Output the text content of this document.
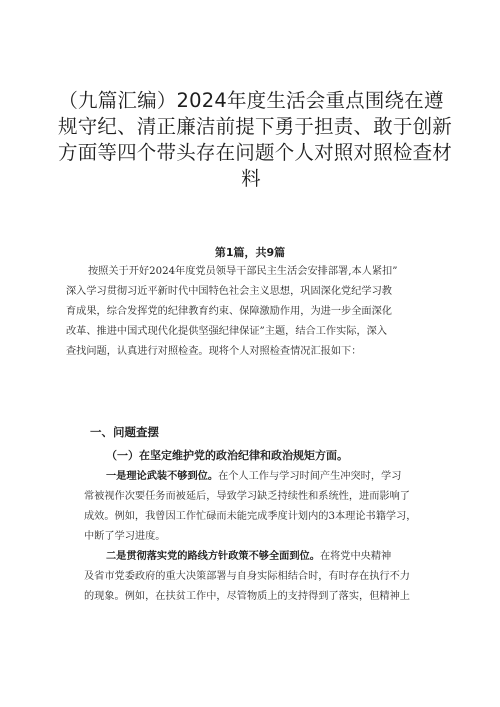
（九篇汇编）2024年度生活会重点围绕在遵
规守纪、清正廉洁前提下勇于担责、敢于创新
方面等四个带头存在问题个人对照对照检查材
料
第1篇，共9篇
按照关于开好2024年度党员领导干部民主生活会安排部署,本人紧扣”
深入学习贯彻习近平新时代中国特色社会主义思想，巩固深化党纪学习教
育成果，综合发挥党的纪律教育约束、保障激励作用，为进一步全面深化
改革、推进中国式现代化提供坚强纪律保证”主题，结合工作实际，深入
查找问题，认真进行对照检查。现将个人对照检查情况汇报如下：
一、问题查摆
（一）在坚定维护党的政治纪律和政治规矩方面。
一是理论武装不够到位。在个人工作与学习时间产生冲突时，学习
常被视作次要任务而被延后，导致学习缺乏持续性和系统性，进而影响了
成效。例如，我曾因工作忙碌而未能完成季度计划内的3本理论书籍学习，
中断了学习进度。
二是贯彻落实党的路线方针政策不够全面到位。在将党中央精神
及省市党委政府的重大决策部署与自身实际相结合时，有时存在执行不力
的现象。例如，在扶贫工作中，尽管物质上的支持得到了落实，但精神上
